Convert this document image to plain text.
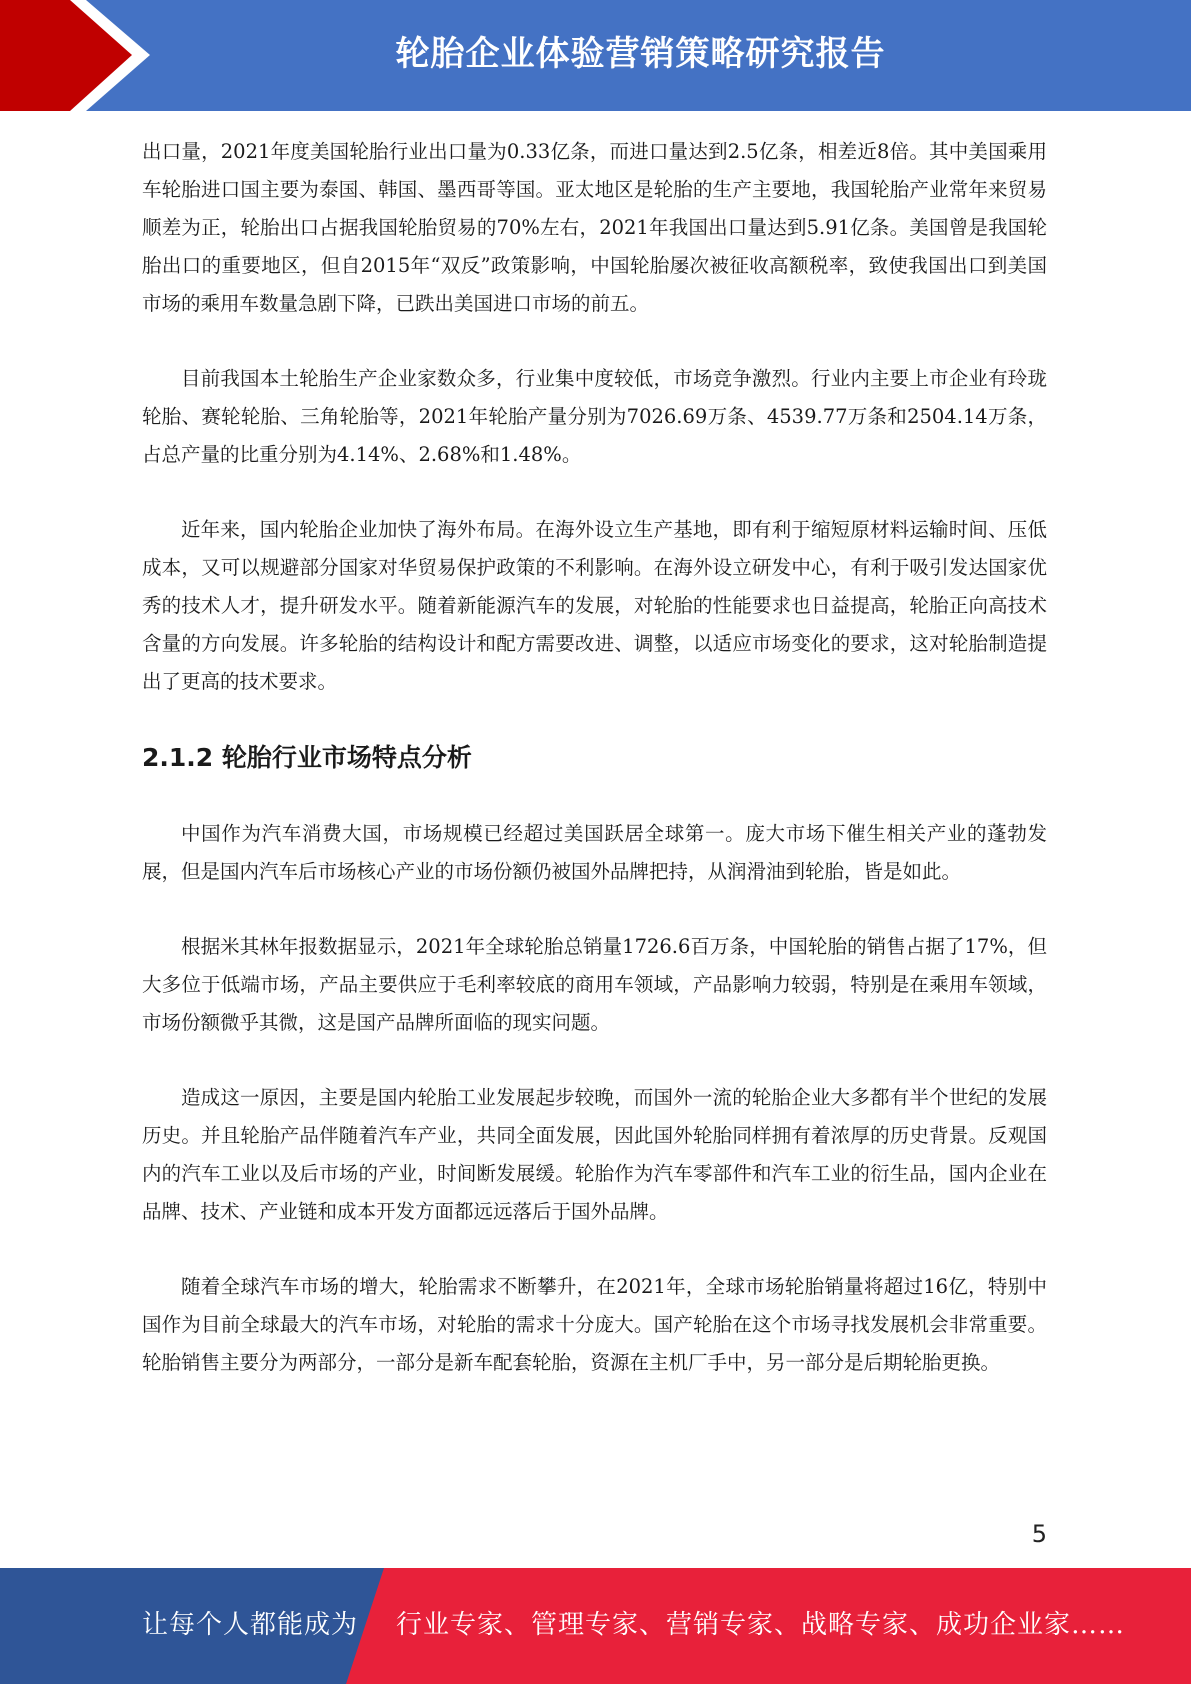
轮胎企业体验营销策略研究报告

出口量，2021年度美国轮胎行业出口量为0.33亿条，而进口量达到2.5亿条，相差近8倍。其中美国乘用车轮胎进口国主要为泰国、韩国、墨西哥等国。亚太地区是轮胎的生产主要地，我国轮胎产业常年来贸易顺差为正，轮胎出口占据我国轮胎贸易的70%左右，2021年我国出口量达到5.91亿条。美国曾是我国轮胎出口的重要地区，但自2015年“双反”政策影响，中国轮胎屡次被征收高额税率，致使我国出口到美国市场的乘用车数量急剧下降，已跌出美国进口市场的前五。

目前我国本土轮胎生产企业家数众多，行业集中度较低，市场竞争激烈。行业内主要上市企业有玲珑轮胎、赛轮轮胎、三角轮胎等，2021年轮胎产量分别为7026.69万条、4539.77万条和2504.14万条，占总产量的比重分别为4.14%、2.68%和1.48%。

近年来，国内轮胎企业加快了海外布局。在海外设立生产基地，即有利于缩短原材料运输时间、压低成本，又可以规避部分国家对华贸易保护政策的不利影响。在海外设立研发中心，有利于吸引发达国家优秀的技术人才，提升研发水平。随着新能源汽车的发展，对轮胎的性能要求也日益提高，轮胎正向高技术含量的方向发展。许多轮胎的结构设计和配方需要改进、调整，以适应市场变化的要求，这对轮胎制造提出了更高的技术要求。

2.1.2 轮胎行业市场特点分析

中国作为汽车消费大国，市场规模已经超过美国跃居全球第一。庞大市场下催生相关产业的蓬勃发展，但是国内汽车后市场核心产业的市场份额仍被国外品牌把持，从润滑油到轮胎，皆是如此。

根据米其林年报数据显示，2021年全球轮胎总销量1726.6百万条，中国轮胎的销售占据了17%，但大多位于低端市场，产品主要供应于毛利率较底的商用车领域，产品影响力较弱，特别是在乘用车领域，市场份额微乎其微，这是国产品牌所面临的现实问题。

造成这一原因，主要是国内轮胎工业发展起步较晚，而国外一流的轮胎企业大多都有半个世纪的发展历史。并且轮胎产品伴随着汽车产业，共同全面发展，因此国外轮胎同样拥有着浓厚的历史背景。反观国内的汽车工业以及后市场的产业，时间断发展缓。轮胎作为汽车零部件和汽车工业的衍生品，国内企业在品牌、技术、产业链和成本开发方面都远远落后于国外品牌。

随着全球汽车市场的增大，轮胎需求不断攀升，在2021年，全球市场轮胎销量将超过16亿，特别中国作为目前全球最大的汽车市场，对轮胎的需求十分庞大。国产轮胎在这个市场寻找发展机会非常重要。轮胎销售主要分为两部分，一部分是新车配套轮胎，资源在主机厂手中，另一部分是后期轮胎更换。

5
让每个人都能成为 行业专家、管理专家、营销专家、战略专家、成功企业家……
